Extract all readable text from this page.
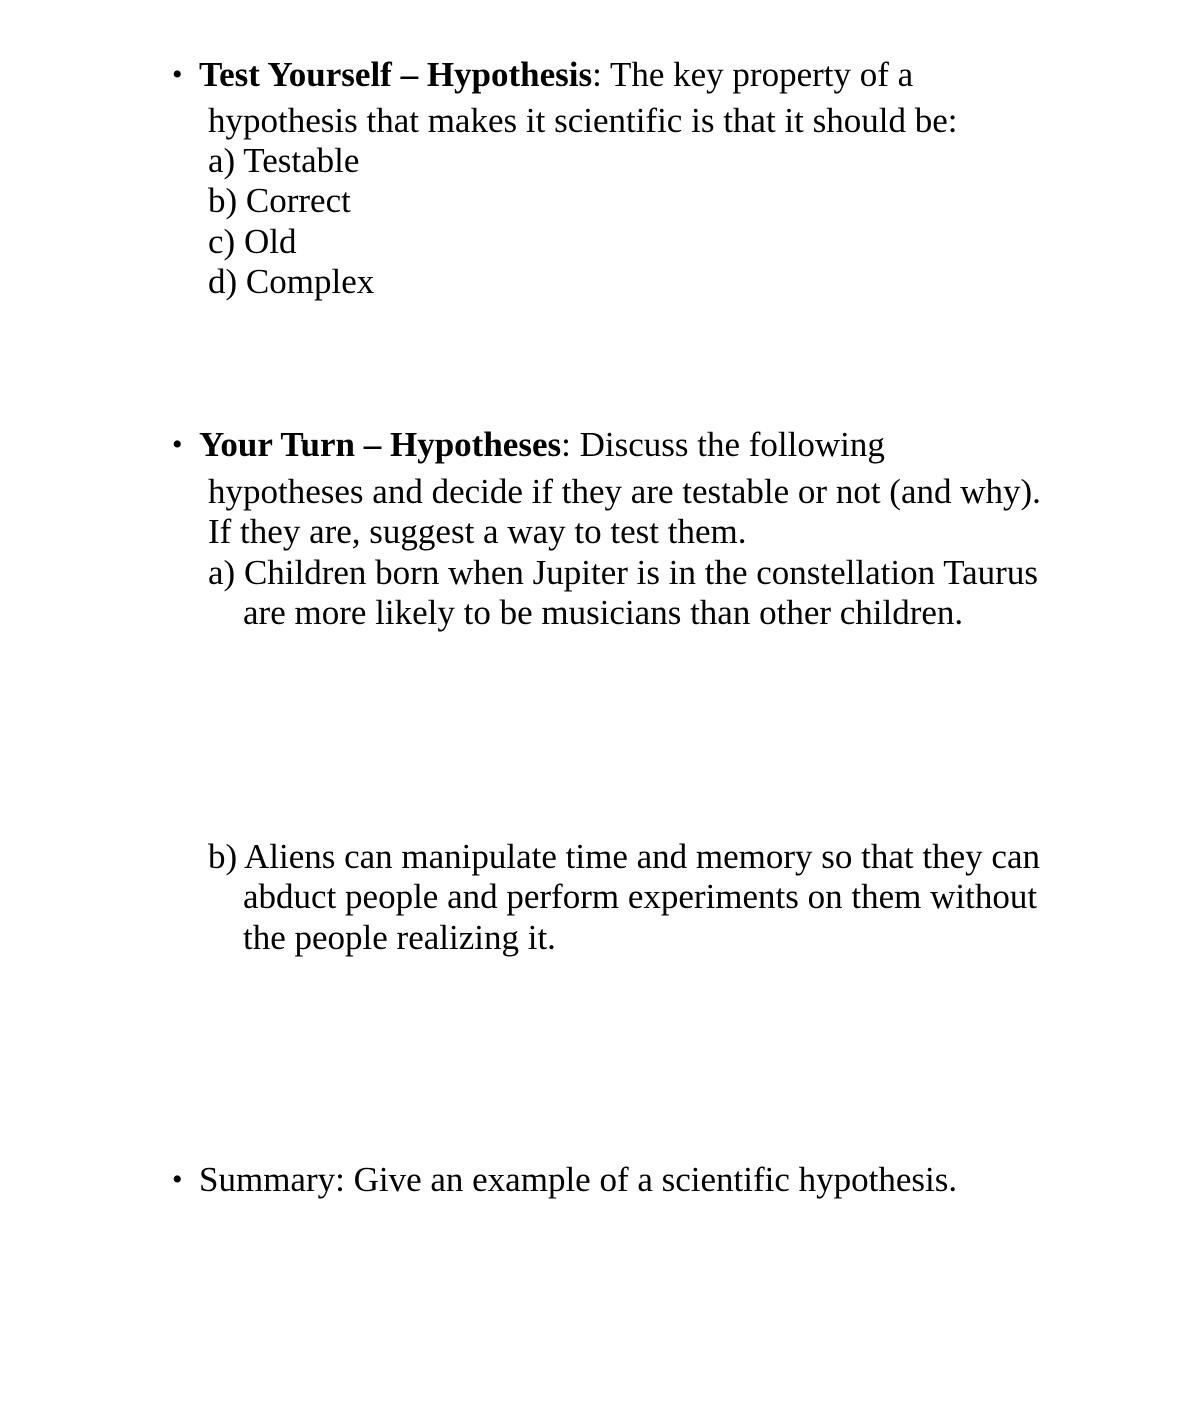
• Test Yourself – Hypothesis: The key property of a
hypothesis that makes it scientific is that it should be:
a) Testable
b) Correct
c) Old
d) Complex
• Your Turn – Hypotheses: Discuss the following
hypotheses and decide if they are testable or not (and why).
If they are, suggest a way to test them.
a) Children born when Jupiter is in the constellation Taurus
are more likely to be musicians than other children.
b) Aliens can manipulate time and memory so that they can
abduct people and perform experiments on them without
the people realizing it.
• Summary: Give an example of a scientific hypothesis.
